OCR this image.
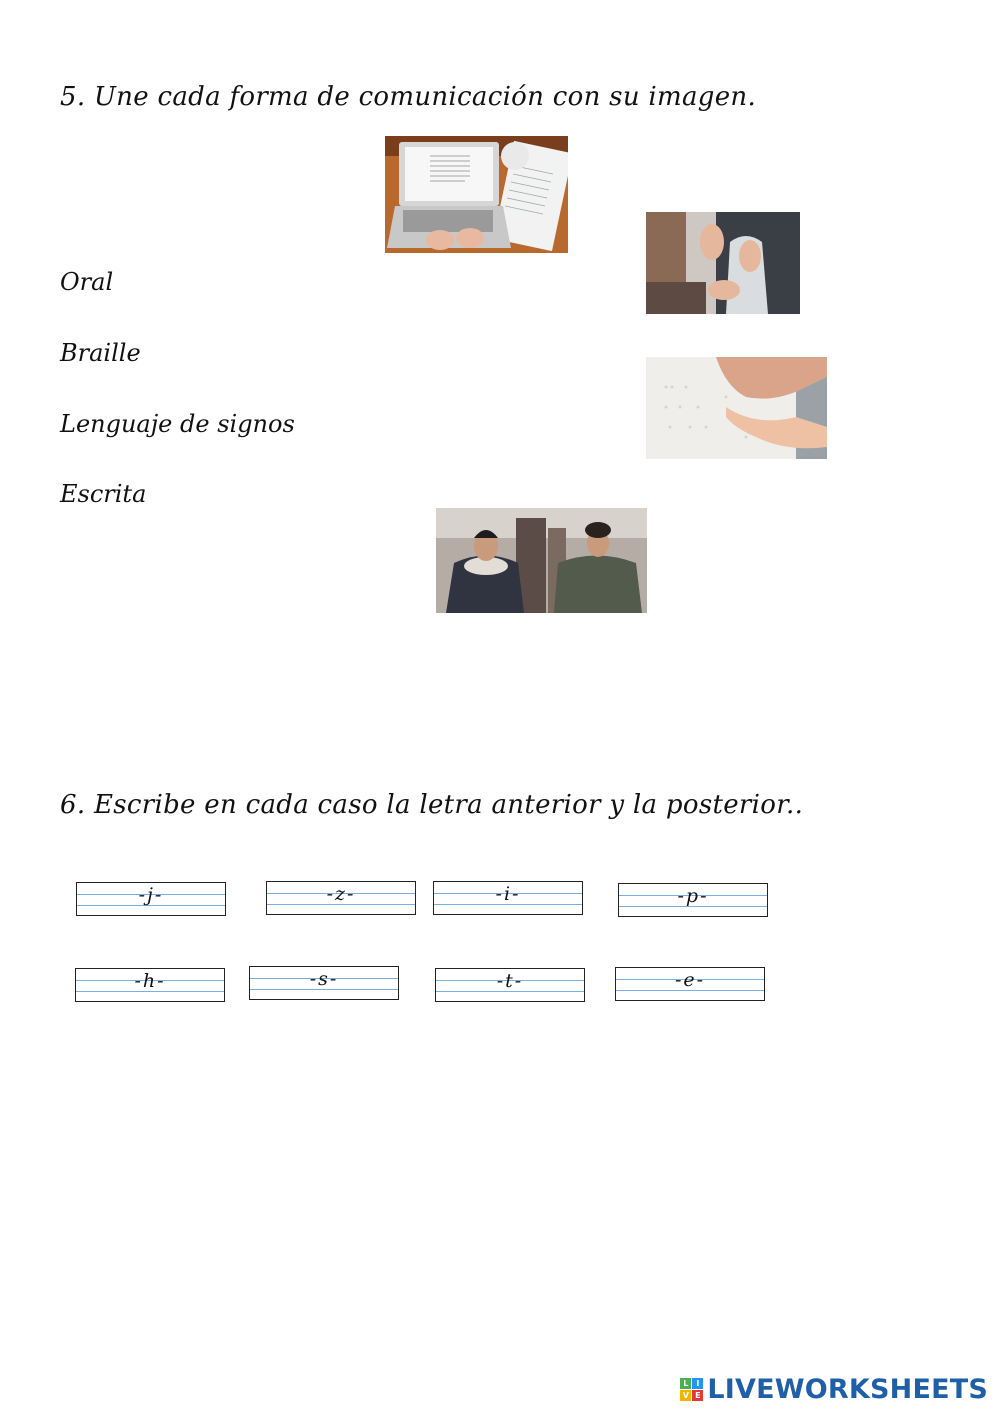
5. Une cada forma de comunicación con su imagen.
Oral
Braille
Lenguaje de signos
Escrita
6. Escribe en cada caso la letra anterior y la posterior..
-j-	-z-	-i-	-p-
-h-	-s-	-t-	-e-
L I
V E LIVEWORKSHEETS
